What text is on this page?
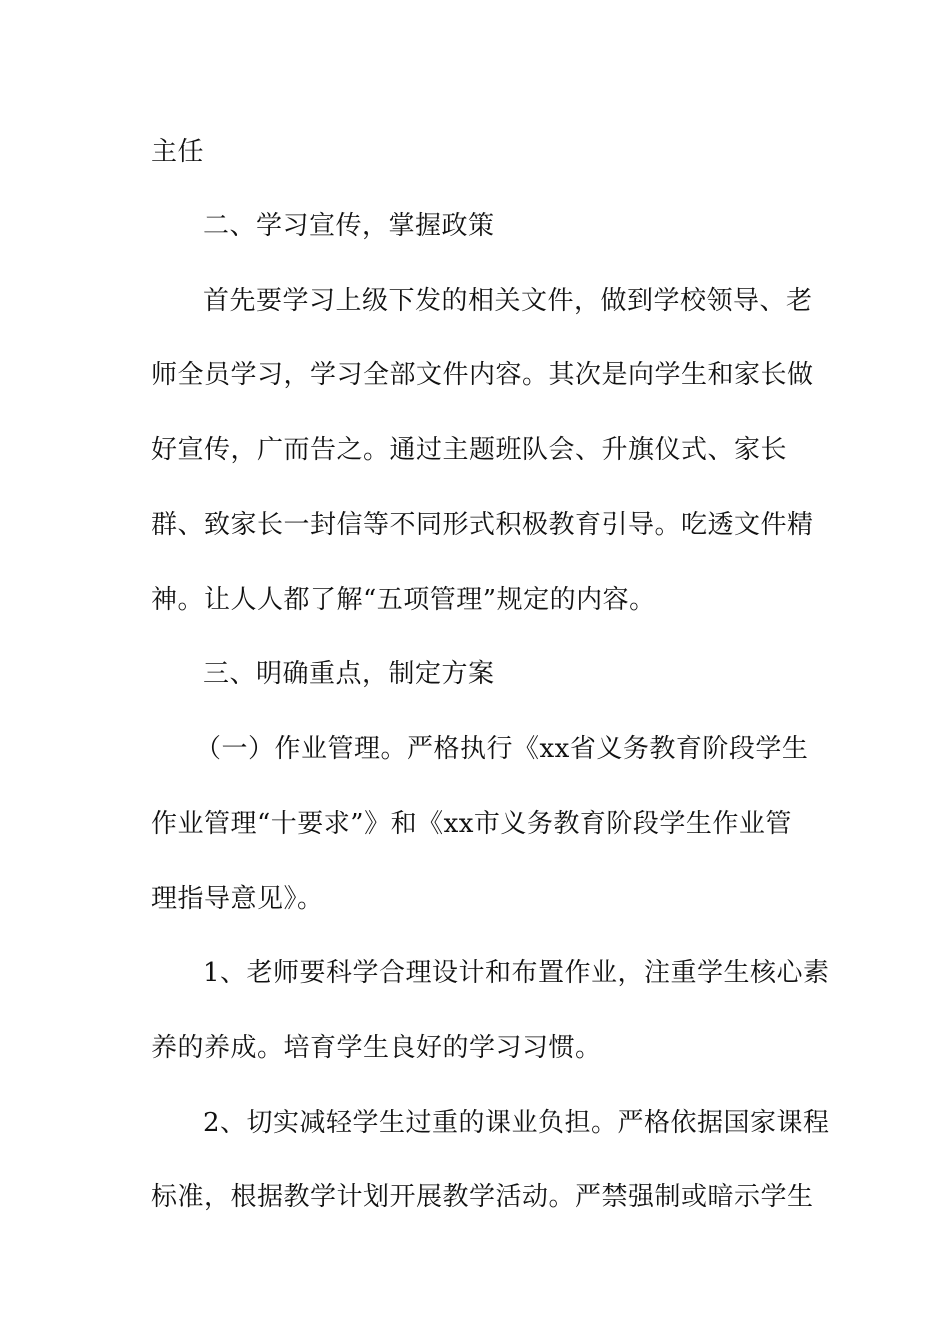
主任
二、学习宣传，掌握政策
首先要学习上级下发的相关文件，做到学校领导、老
师全员学习，学习全部文件内容。其次是向学生和家长做
好宣传，广而告之。通过主题班队会、升旗仪式、家长
群、致家长一封信等不同形式积极教育引导。吃透文件精
神。让人人都了解“五项管理”规定的内容。
三、明确重点，制定方案
（一）作业管理。严格执行《xx省义务教育阶段学生
作业管理“十要求”》和《xx市义务教育阶段学生作业管
理指导意见》。
1、老师要科学合理设计和布置作业，注重学生核心素
养的养成。培育学生良好的学习习惯。
2、切实减轻学生过重的课业负担。严格依据国家课程
标准，根据教学计划开展教学活动。严禁强制或暗示学生
